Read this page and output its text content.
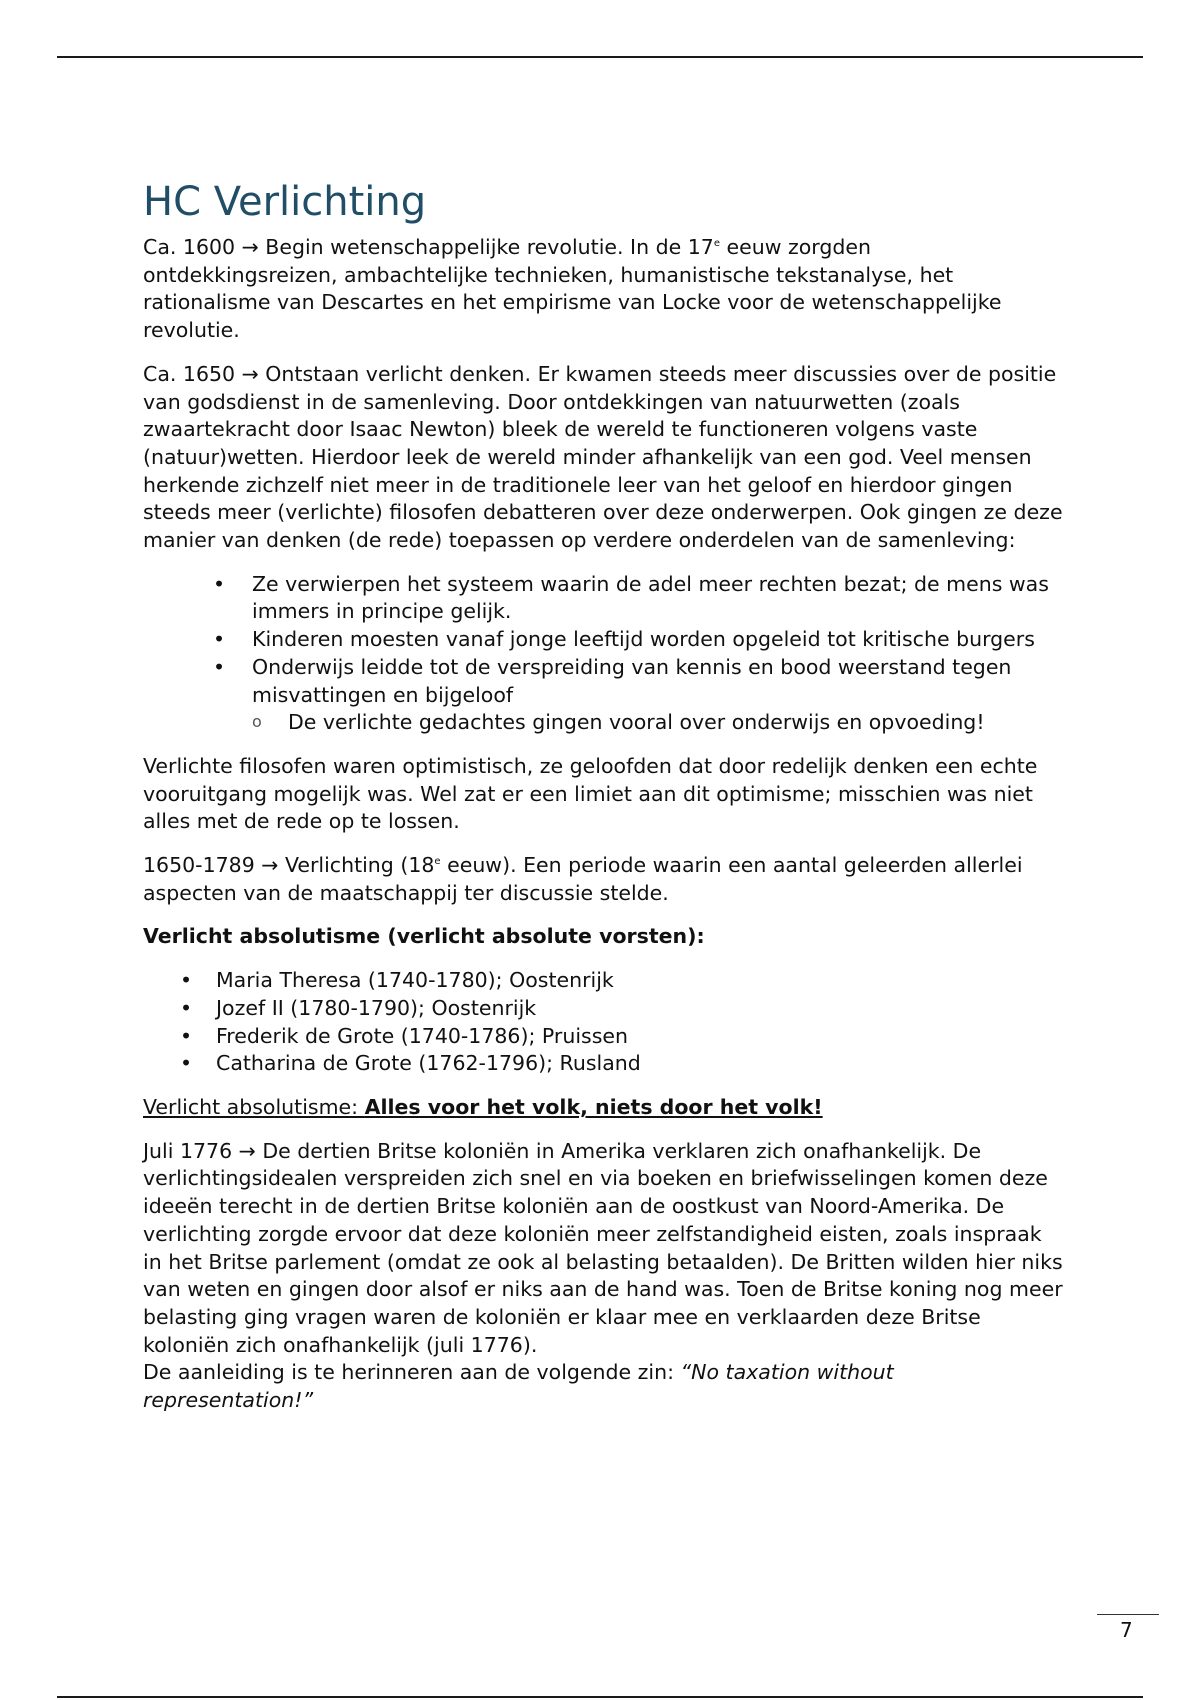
HC Verlichting

Ca. 1600 → Begin wetenschappelijke revolutie. In de 17e eeuw zorgden ontdekkingsreizen, ambachtelijke technieken, humanistische tekstanalyse, het rationalisme van Descartes en het empirisme van Locke voor de wetenschappelijke revolutie.

Ca. 1650 → Ontstaan verlicht denken. Er kwamen steeds meer discussies over de positie van godsdienst in de samenleving. Door ontdekkingen van natuurwetten (zoals zwaartekracht door Isaac Newton) bleek de wereld te functioneren volgens vaste (natuur)wetten. Hierdoor leek de wereld minder afhankelijk van een god. Veel mensen herkende zichzelf niet meer in de traditionele leer van het geloof en hierdoor gingen steeds meer (verlichte) filosofen debatteren over deze onderwerpen. Ook gingen ze deze manier van denken (de rede) toepassen op verdere onderdelen van de samenleving:

• Ze verwierpen het systeem waarin de adel meer rechten bezat; de mens was immers in principe gelijk.
• Kinderen moesten vanaf jonge leeftijd worden opgeleid tot kritische burgers
• Onderwijs leidde tot de verspreiding van kennis en bood weerstand tegen misvattingen en bijgeloof
o De verlichte gedachtes gingen vooral over onderwijs en opvoeding!

Verlichte filosofen waren optimistisch, ze geloofden dat door redelijk denken een echte vooruitgang mogelijk was. Wel zat er een limiet aan dit optimisme; misschien was niet alles met de rede op te lossen.

1650-1789 → Verlichting (18e eeuw). Een periode waarin een aantal geleerden allerlei aspecten van de maatschappij ter discussie stelde.

Verlicht absolutisme (verlicht absolute vorsten):

• Maria Theresa (1740-1780); Oostenrijk
• Jozef II (1780-1790); Oostenrijk
• Frederik de Grote (1740-1786); Pruissen
• Catharina de Grote (1762-1796); Rusland

Verlicht absolutisme: Alles voor het volk, niets door het volk!

Juli 1776 → De dertien Britse koloniën in Amerika verklaren zich onafhankelijk. De verlichtingsidealen verspreiden zich snel en via boeken en briefwisselingen komen deze ideeën terecht in de dertien Britse koloniën aan de oostkust van Noord-Amerika. De verlichting zorgde ervoor dat deze koloniën meer zelfstandigheid eisten, zoals inspraak in het Britse parlement (omdat ze ook al belasting betaalden). De Britten wilden hier niks van weten en gingen door alsof er niks aan de hand was. Toen de Britse koning nog meer belasting ging vragen waren de koloniën er klaar mee en verklaarden deze Britse koloniën zich onafhankelijk (juli 1776).

De aanleiding is te herinneren aan de volgende zin: “No taxation without representation!”

7
